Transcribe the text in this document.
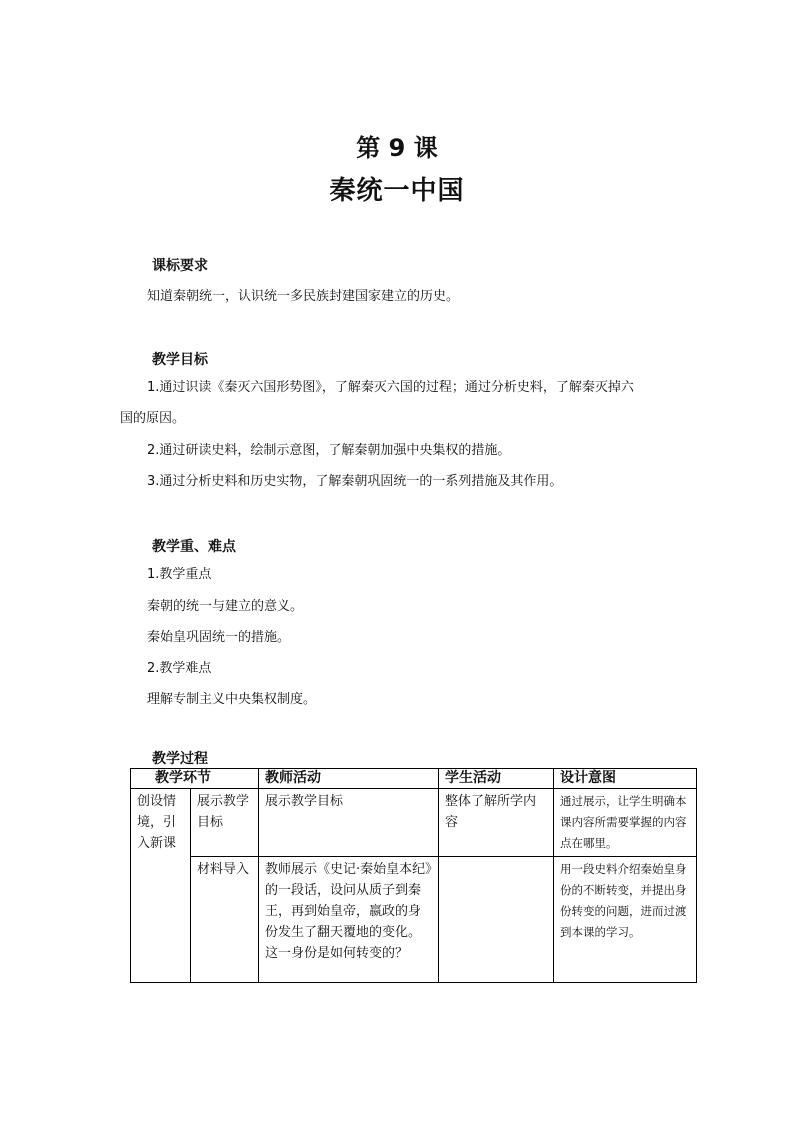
第 9 课
秦统一中国
课标要求
知道秦朝统一，认识统一多民族封建国家建立的历史。
教学目标
1.通过识读《秦灭六国形势图》，了解秦灭六国的过程；通过分析史料，了解秦灭掉六
国的原因。
2.通过研读史料，绘制示意图，了解秦朝加强中央集权的措施。
3.通过分析史料和历史实物，了解秦朝巩固统一的一系列措施及其作用。
教学重、难点
1.教学重点
秦朝的统一与建立的意义。
秦始皇巩固统一的措施。
2.教学难点
理解专制主义中央集权制度。
教学过程
教学环节		教师活动	学生活动	设计意图
创设情境，引入新课	展示教学目标	展示教学目标	整体了解所学内容	通过展示，让学生明确本课内容所需要掌握的内容点在哪里。
	材料导入	教师展示《史记·秦始皇本纪》的一段话，设问从质子到秦王，再到始皇帝，嬴政的身份发生了翻天覆地的变化。这一身份是如何转变的？		用一段史料介绍秦始皇身份的不断转变，并提出身份转变的问题，进而过渡到本课的学习。
